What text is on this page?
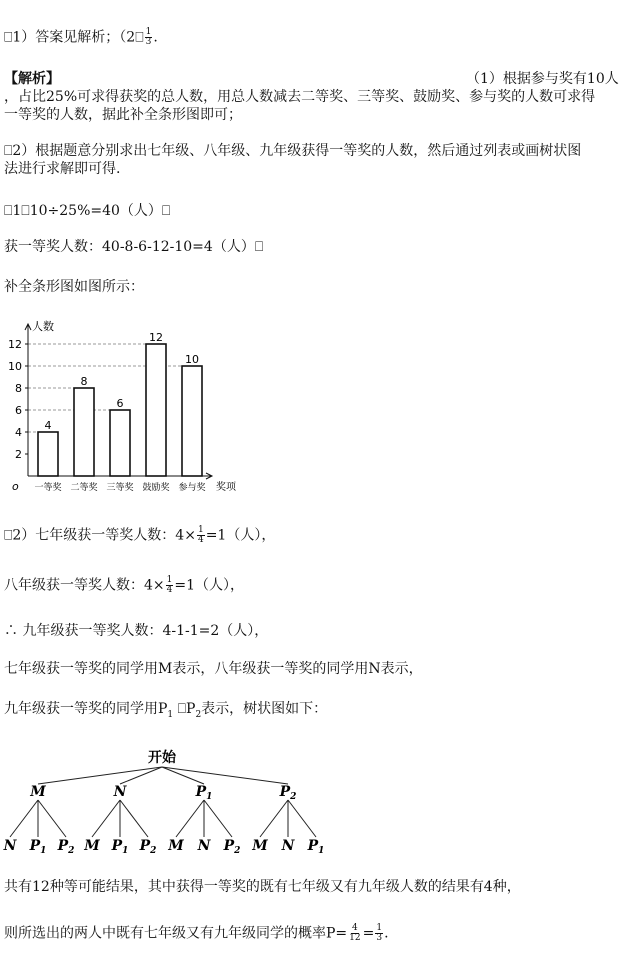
⎕1）答案见解析；（2⎕ $\frac{1}{3}$ .
【解析】	（1）根据参与奖有10人
，占比25%可求得获奖的总人数，用总人数减去二等奖、三等奖、鼓励奖、参与奖的人数可求得
一等奖的人数，据此补全条形图即可；
⎕2）根据题意分别求出七年级、八年级、九年级获得一等奖的人数，然后通过列表或画树状图
法进行求解即可得.
⎕1⎕10÷25%=40（人）⎕
获一等奖人数：40-8-6-12-10=4（人）⎕
补全条形图如图所示：
2
4
6
8
10
12
人数
奖项
o
4
一等奖
8
二等奖
6
三等奖
12
鼓励奖
10
参与奖
⎕2）七年级获一等奖人数：$4\times \frac{1}{4} =1$（人），
八年级获一等奖人数：$4\times \frac{1}{4} =1$（人），
∴ 九年级获一等奖人数：4-1-1=2（人），
七年级获一等奖的同学用M表示，八年级获一等奖的同学用N表示，
九年级获一等奖的同学用$P_1$ $⎕P_2$表示，树状图如下：
开始
M
N $P_1$ $P_2$
N
M $P_1$ $P_2$
$P_1$
M N $P_2$
$P_2$
M N $P_1$
共有12种等可能结果，其中获得一等奖的既有七年级又有九年级人数的结果有4种，
则所选出的两人中既有七年级又有九年级同学的概率$P= \frac{4}{12} = \frac{1}{3}$ .
